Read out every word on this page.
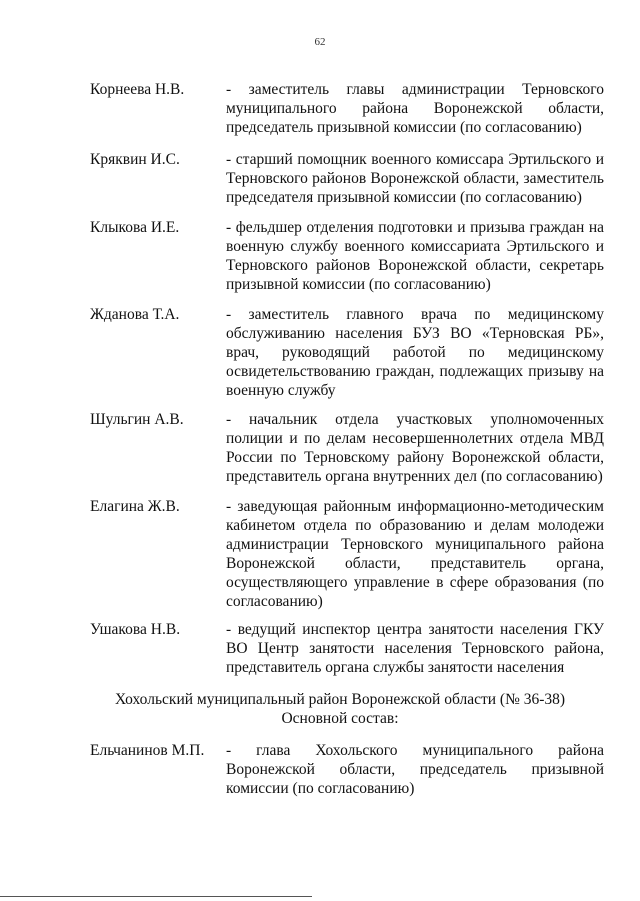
62
Корнеева Н.В.	- заместитель главы администрации Терновского муниципального района Воронежской области, председатель призывной комиссии (по согласованию)
Кряквин И.С.	- старший помощник военного комиссара Эртильского и Терновского районов Воронежской области, заместитель председателя призывной комиссии (по согласованию)
Клыкова И.Е.	- фельдшер отделения подготовки и призыва граждан на военную службу военного комиссариата Эртильского и Терновского районов Воронежской области, секретарь призывной комиссии (по согласованию)
Жданова Т.А.	- заместитель главного врача по медицинскому обслуживанию населения БУЗ ВО «Терновская РБ», врач, руководящий работой по медицинскому освидетельствованию граждан, подлежащих призыву на военную службу
Шульгин А.В.	- начальник отдела участковых уполномоченных полиции и по делам несовершеннолетних отдела МВД России по Терновскому району Воронежской области, представитель органа внутренних дел (по согласованию)
Елагина Ж.В.	- заведующая районным информационно-методическим кабинетом отдела по образованию и делам молодежи администрации Терновского муниципального района Воронежской области, представитель органа, осуществляющего управление в сфере образования (по согласованию)
Ушакова Н.В.	- ведущий инспектор центра занятости населения ГКУ ВО Центр занятости населения Терновского района, представитель органа службы занятости населения
Хохольский муниципальный район Воронежской области (№ 36-38)
Основной состав:
Ельчанинов М.П. - глава Хохольского муниципального района Воронежской области, председатель призывной комиссии (по согласованию)
